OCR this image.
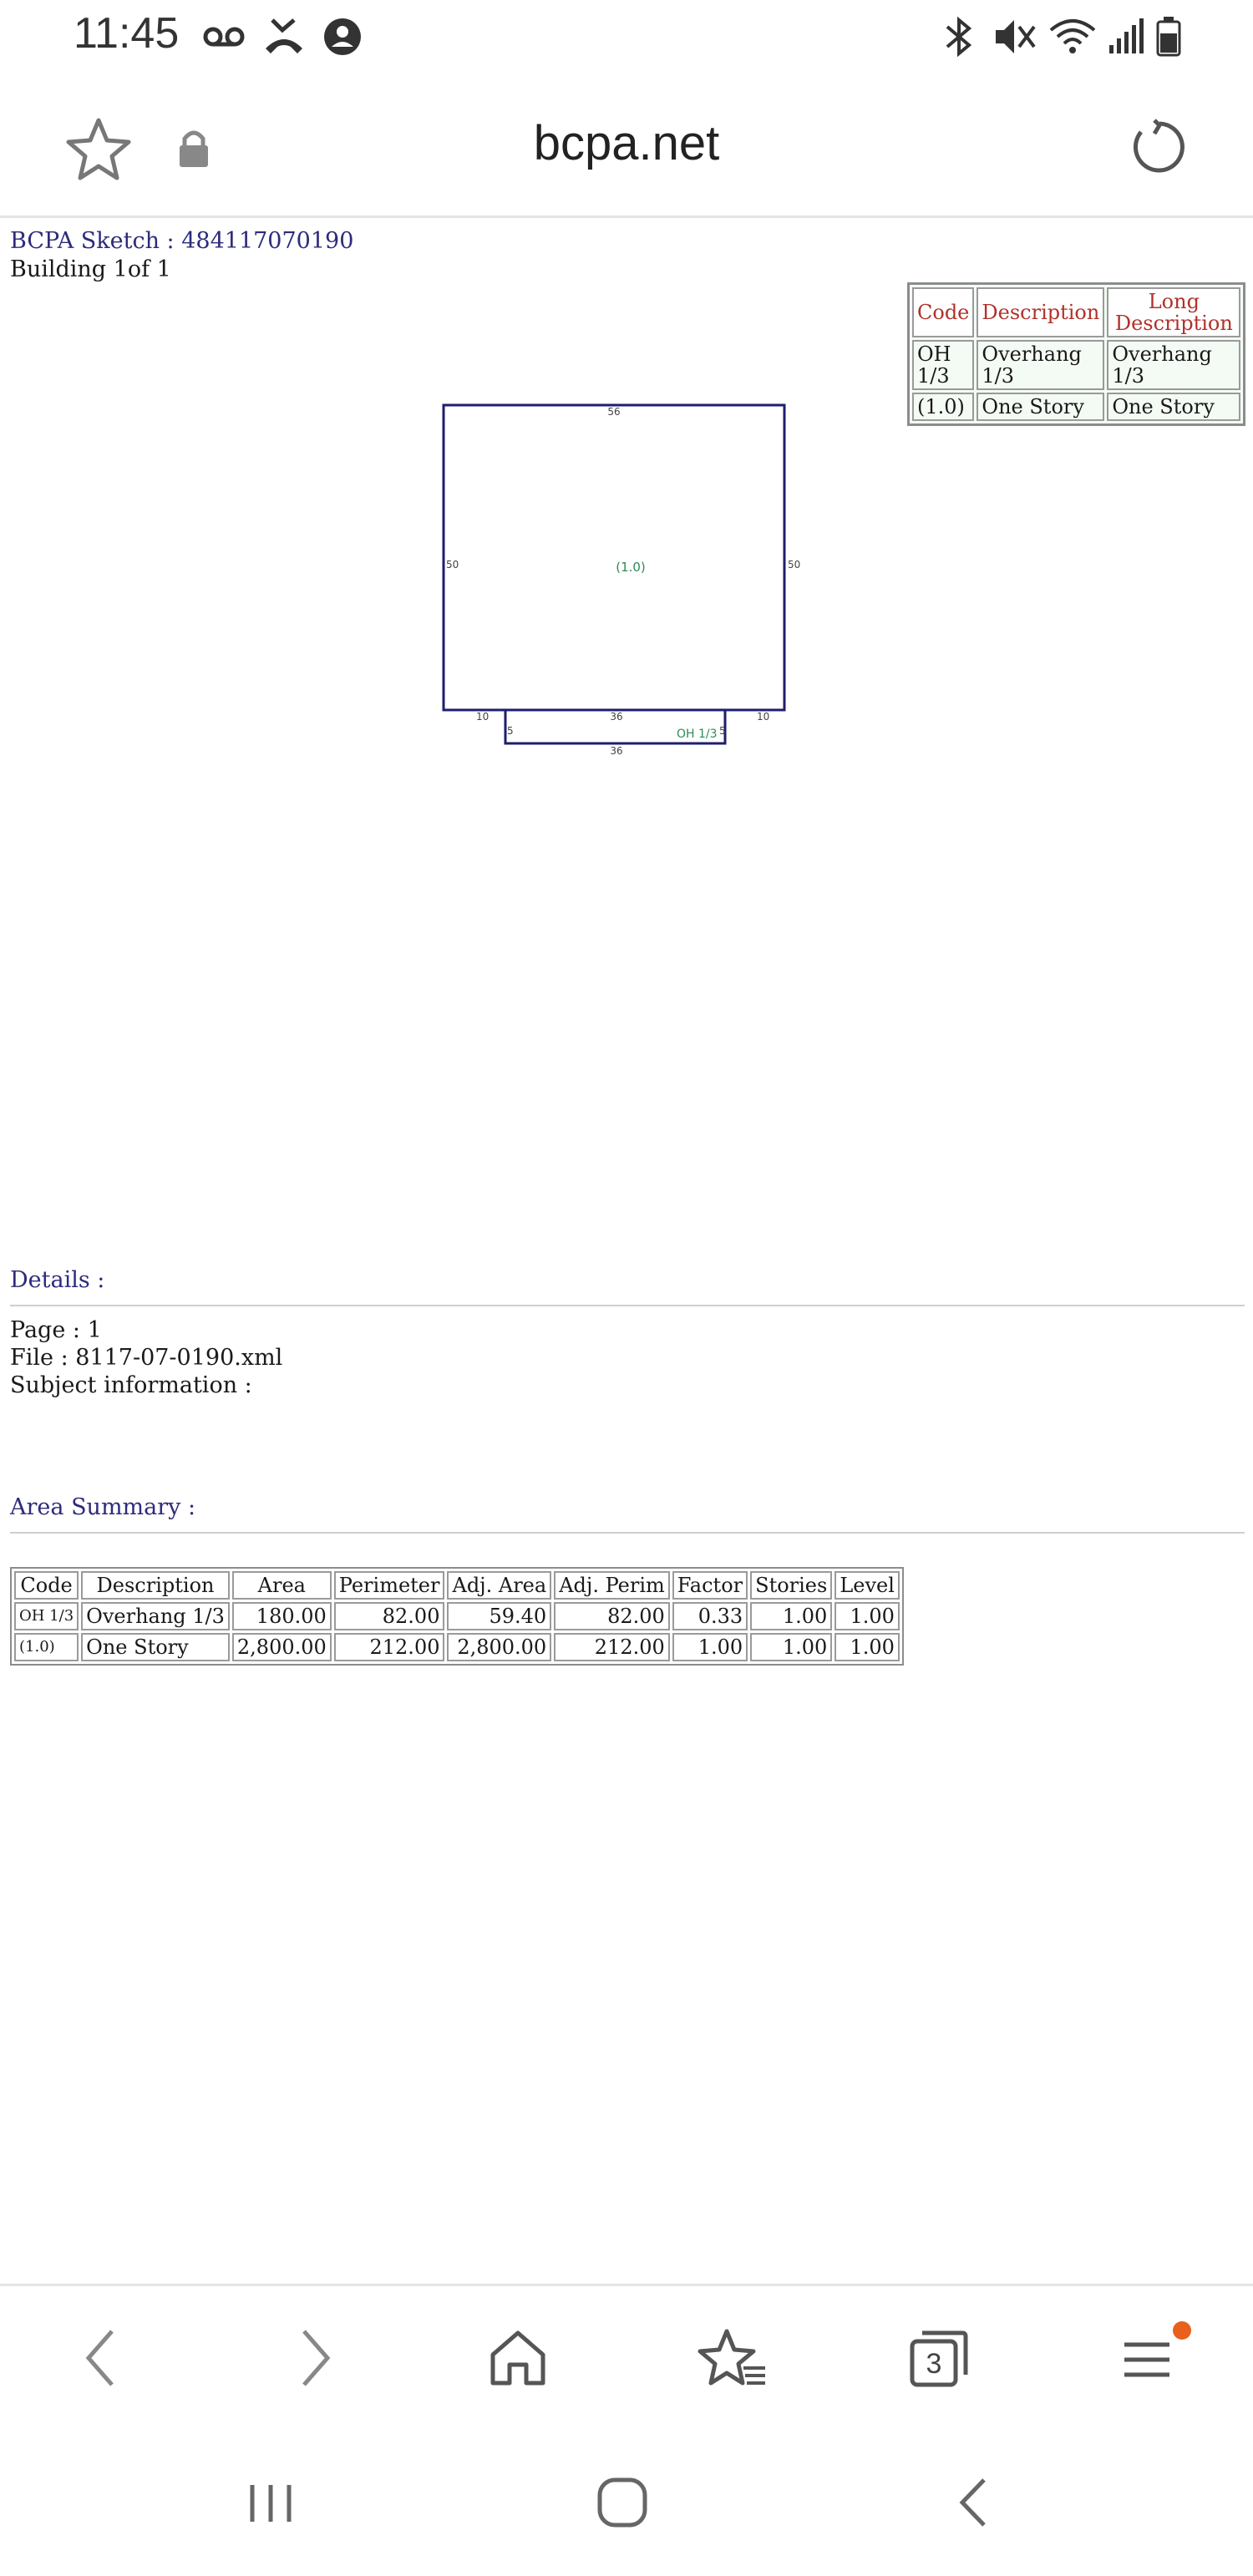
11:45
bcpa.net
BCPA Sketch : 484117070190
Building 1of 1
56
50	50
10	36	10
5	5
36
(1.0)
OH 1/3
Code	Description	Long Description
OH 1/3	Overhang 1/3	Overhang 1/3
(1.0)	One Story	One Story
Details :
Page : 1
File : 8117-07-0190.xml
Subject information :
Area Summary :
Code	Description	Area	Perimeter	Adj. Area	Adj. Perim	Factor	Stories	Level
OH 1/3	Overhang 1/3	180.00	82.00	59.40	82.00	0.33	1.00	1.00
(1.0)	One Story	2,800.00	212.00	2,800.00	212.00	1.00	1.00	1.00
3
